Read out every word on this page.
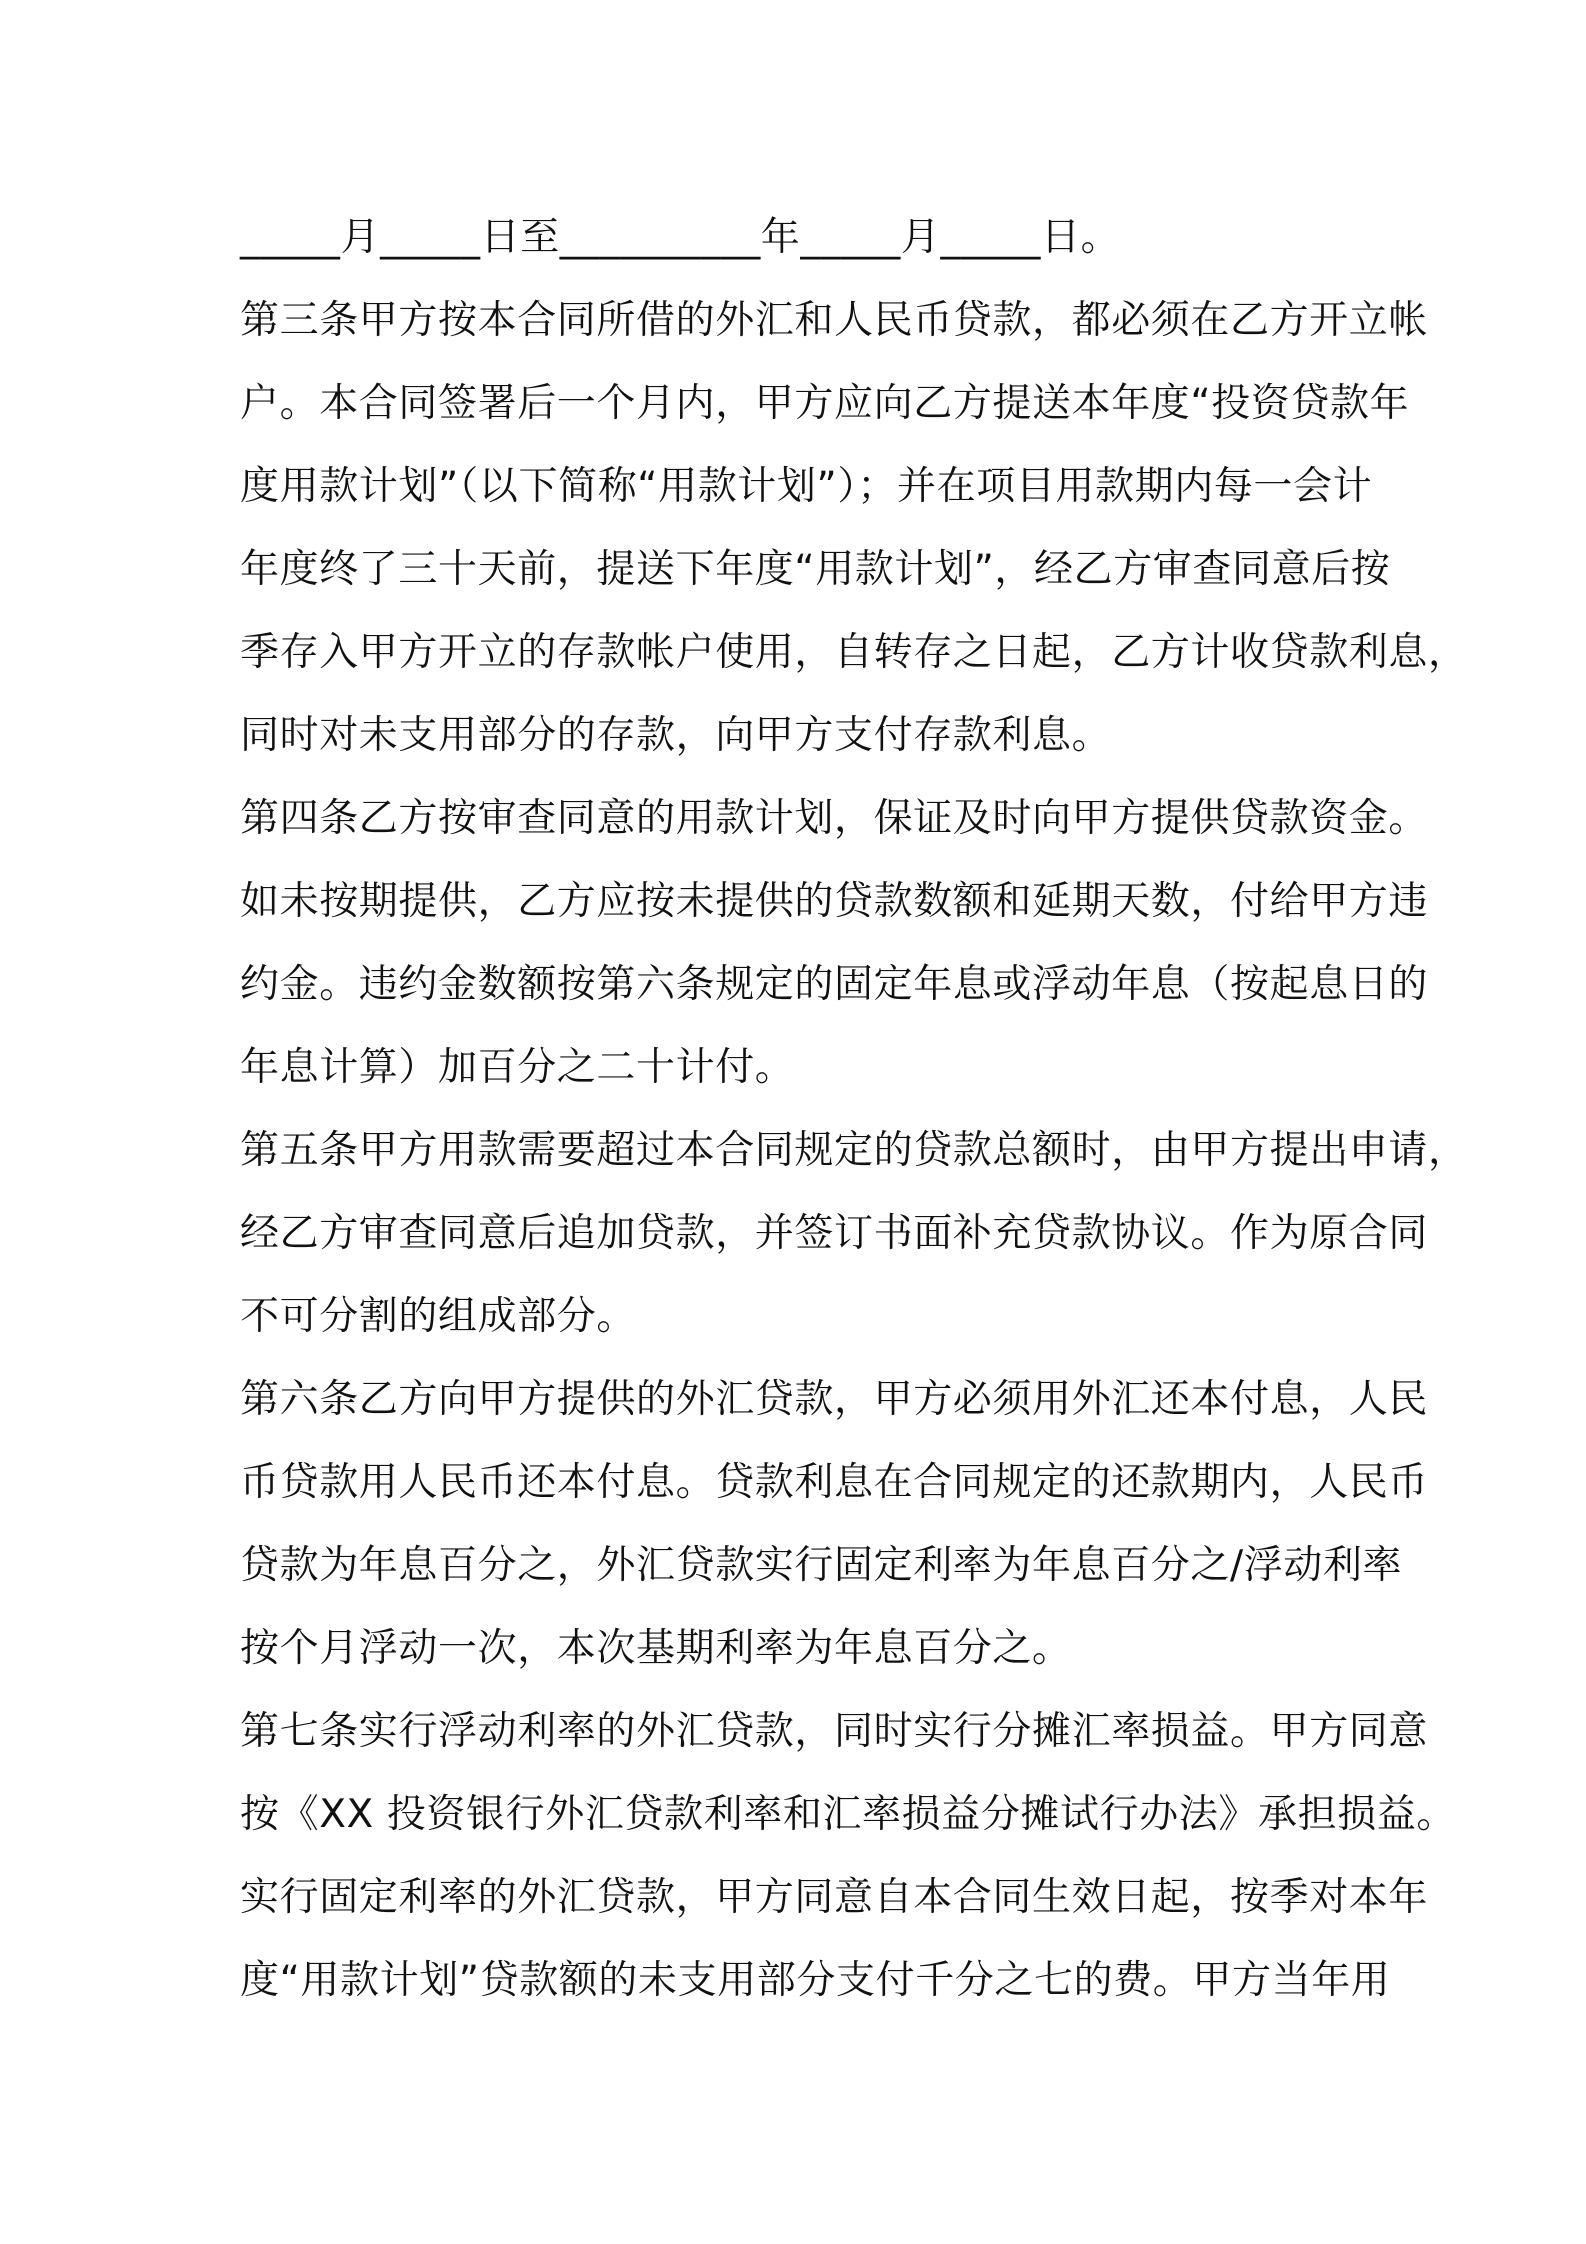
_____月_____日至__________年_____月_____日。
第三条甲方按本合同所借的外汇和人民币贷款，都必须在乙方开立帐
户。本合同签署后一个月内，甲方应向乙方提送本年度“投资贷款年
度用款计划”（以下简称“用款计划”）；并在项目用款期内每一会计
年度终了三十天前，提送下年度“用款计划”，经乙方审查同意后按
季存入甲方开立的存款帐户使用，自转存之日起，乙方计收贷款利息，
同时对未支用部分的存款，向甲方支付存款利息。
第四条乙方按审查同意的用款计划，保证及时向甲方提供贷款资金。
如未按期提供，乙方应按未提供的贷款数额和延期天数，付给甲方违
约金。违约金数额按第六条规定的固定年息或浮动年息（按起息日的
年息计算）加百分之二十计付。
第五条甲方用款需要超过本合同规定的贷款总额时，由甲方提出申请，
经乙方审查同意后追加贷款，并签订书面补充贷款协议。作为原合同
不可分割的组成部分。
第六条乙方向甲方提供的外汇贷款，甲方必须用外汇还本付息，人民
币贷款用人民币还本付息。贷款利息在合同规定的还款期内，人民币
贷款为年息百分之，外汇贷款实行固定利率为年息百分之/浮动利率
按个月浮动一次，本次基期利率为年息百分之。
第七条实行浮动利率的外汇贷款，同时实行分摊汇率损益。甲方同意
按《XX 投资银行外汇贷款利率和汇率损益分摊试行办法》承担损益。
实行固定利率的外汇贷款，甲方同意自本合同生效日起，按季对本年
度“用款计划”贷款额的未支用部分支付千分之七的费。甲方当年用
